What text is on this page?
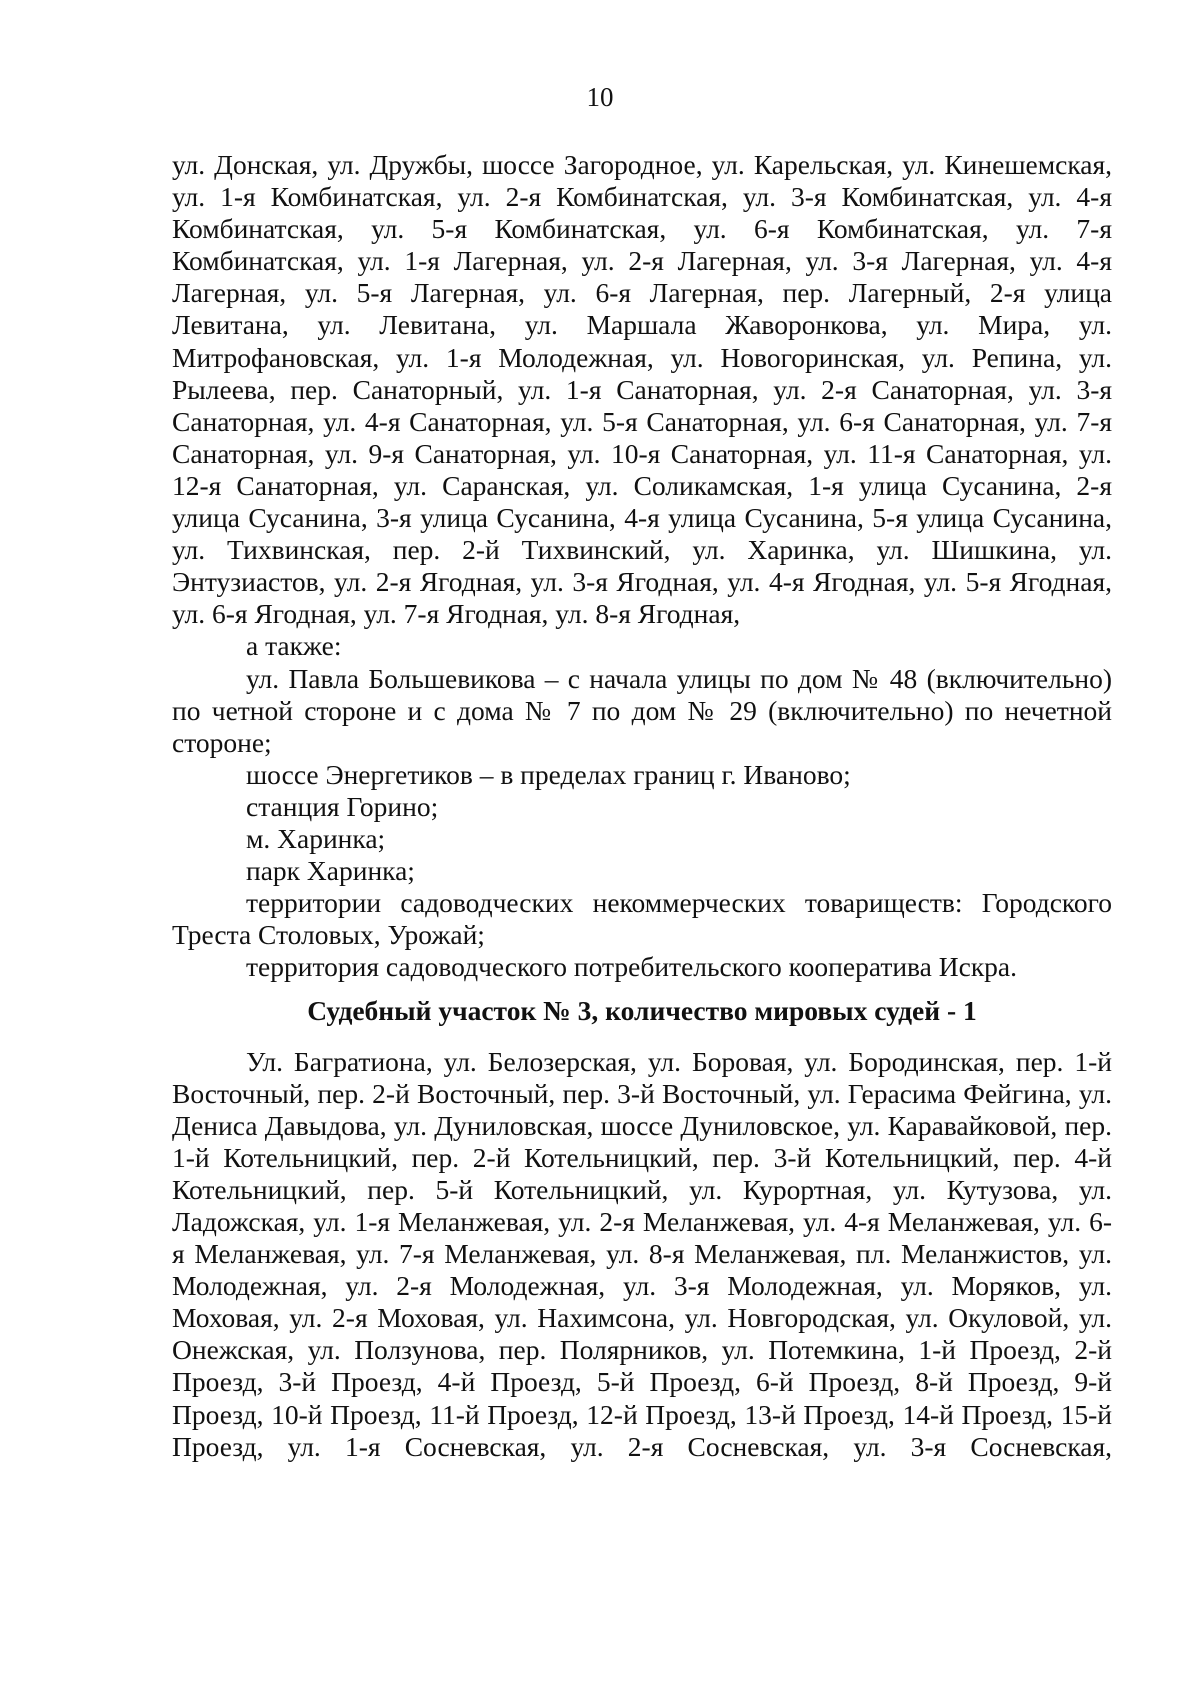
10

ул. Донская, ул. Дружбы, шоссе Загородное, ул. Карельская, ул. Кинешемская, ул. 1-я Комбинатская, ул. 2-я Комбинатская, ул. 3-я Комбинатская, ул. 4-я Комбинатская, ул. 5-я Комбинатская, ул. 6-я Комбинатская, ул. 7-я Комбинатская, ул. 1-я Лагерная, ул. 2-я Лагерная, ул. 3-я Лагерная, ул. 4-я Лагерная, ул. 5-я Лагерная, ул. 6-я Лагерная, пер. Лагерный, 2-я улица Левитана, ул. Левитана, ул. Маршала Жаворонкова, ул. Мира, ул. Митрофановская, ул. 1-я Молодежная, ул. Новогоринская, ул. Репина, ул. Рылеева, пер. Санаторный, ул. 1-я Санаторная, ул. 2-я Санаторная, ул. 3-я Санаторная, ул. 4-я Санаторная, ул. 5-я Санаторная, ул. 6-я Санаторная, ул. 7-я Санаторная, ул. 9-я Санаторная, ул. 10-я Санаторная, ул. 11-я Санаторная, ул. 12-я Санаторная, ул. Саранская, ул. Соликамская, 1-я улица Сусанина, 2-я улица Сусанина, 3-я улица Сусанина, 4-я улица Сусанина, 5-я улица Сусанина, ул. Тихвинская, пер. 2-й Тихвинский, ул. Харинка, ул. Шишкина, ул. Энтузиастов, ул. 2-я Ягодная, ул. 3-я Ягодная, ул. 4-я Ягодная, ул. 5-я Ягодная, ул. 6-я Ягодная, ул. 7-я Ягодная, ул. 8-я Ягодная,

а также:

ул. Павла Большевикова – с начала улицы по дом № 48 (включительно) по четной стороне и с дома № 7 по дом № 29 (включительно) по нечетной стороне;

шоссе Энергетиков – в пределах границ г. Иваново;

станция Горино;

м. Харинка;

парк Харинка;

территории садоводческих некоммерческих товариществ: Городского Треста Столовых, Урожай;

территория садоводческого потребительского кооператива Искра.

Судебный участок № 3, количество мировых судей - 1

Ул. Багратиона, ул. Белозерская, ул. Боровая, ул. Бородинская, пер. 1-й Восточный, пер. 2-й Восточный, пер. 3-й Восточный, ул. Герасима Фейгина, ул. Дениса Давыдова, ул. Дуниловская, шоссе Дуниловское, ул. Каравайковой, пер. 1-й Котельницкий, пер. 2-й Котельницкий, пер. 3-й Котельницкий, пер. 4-й Котельницкий, пер. 5-й Котельницкий, ул. Курортная, ул. Кутузова, ул. Ладожская, ул. 1-я Меланжевая, ул. 2-я Меланжевая, ул. 4-я Меланжевая, ул. 6-я Меланжевая, ул. 7-я Меланжевая, ул. 8-я Меланжевая, пл. Меланжистов, ул. Молодежная, ул. 2-я Молодежная, ул. 3-я Молодежная, ул. Моряков, ул. Моховая, ул. 2-я Моховая, ул. Нахимсона, ул. Новгородская, ул. Окуловой, ул. Онежская, ул. Ползунова, пер. Полярников, ул. Потемкина, 1-й Проезд, 2-й Проезд, 3-й Проезд, 4-й Проезд, 5-й Проезд, 6-й Проезд, 8-й Проезд, 9-й Проезд, 10-й Проезд, 11-й Проезд, 12-й Проезд, 13-й Проезд, 14-й Проезд, 15-й Проезд, ул. 1-я Сосневская, ул. 2-я Сосневская, ул. 3-я Сосневская,
